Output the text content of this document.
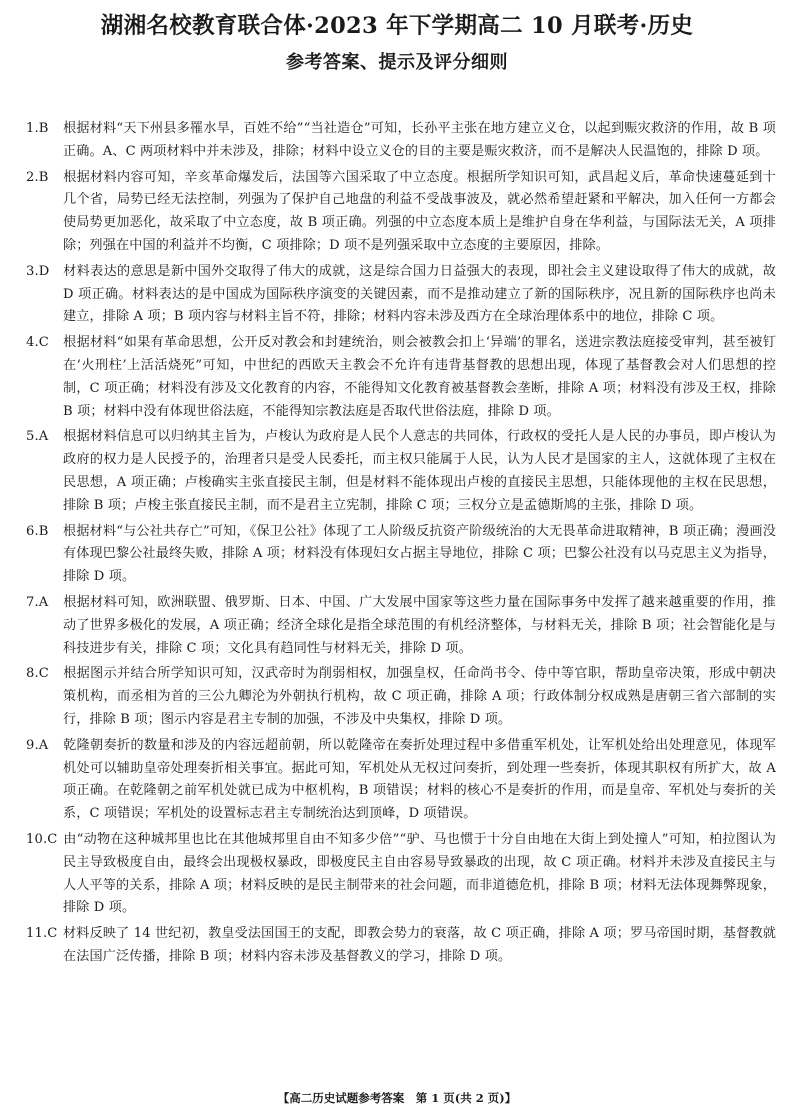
湖湘名校教育联合体·2023 年下学期高二 10 月联考·历史
参考答案、提示及评分细则
1.B 根据材料“天下州县多罹水旱，百姓不给”“当社造仓”可知，长孙平主张在地方建立义仓，以起到赈灾救济的作用，故 B 项正确。A、C 两项材料中并未涉及，排除；材料中设立义仓的目的主要是赈灾救济，而不是解决人民温饱的，排除 D 项。
2.B 根据材料内容可知，辛亥革命爆发后，法国等六国采取了中立态度。根据所学知识可知，武昌起义后，革命快速蔓延到十几个省，局势已经无法控制，列强为了保护自己地盘的利益不受战事波及，就必然希望赶紧和平解决，加入任何一方都会使局势更加恶化，故采取了中立态度，故 B 项正确。列强的中立态度本质上是维护自身在华利益，与国际法无关，A 项排除；列强在中国的利益并不均衡，C 项排除；D 项不是列强采取中立态度的主要原因，排除。
3.D 材料表达的意思是新中国外交取得了伟大的成就，这是综合国力日益强大的表现，即社会主义建设取得了伟大的成就，故 D 项正确。材料表达的是中国成为国际秩序演变的关键因素，而不是推动建立了新的国际秩序，况且新的国际秩序也尚未建立，排除 A 项；B 项内容与材料主旨不符，排除；材料内容未涉及西方在全球治理体系中的地位，排除 C 项。
4.C 根据材料“如果有革命思想，公开反对教会和封建统治，则会被教会扣上‘异端’的罪名，送进宗教法庭接受审判，甚至被钉在‘火刑柱’上活活烧死”可知，中世纪的西欧天主教会不允许有违背基督教的思想出现，体现了基督教会对人们思想的控制，C 项正确；材料没有涉及文化教育的内容，不能得知文化教育被基督教会垄断，排除 A 项；材料没有涉及王权，排除 B 项；材料中没有体现世俗法庭，不能得知宗教法庭是否取代世俗法庭，排除 D 项。
5.A 根据材料信息可以归纳其主旨为，卢梭认为政府是人民个人意志的共同体，行政权的受托人是人民的办事员，即卢梭认为政府的权力是人民授予的，治理者只是受人民委托，而主权只能属于人民，认为人民才是国家的主人，这就体现了主权在民思想，A 项正确；卢梭确实主张直接民主制，但是材料不能体现出卢梭的直接民主思想，只能体现他的主权在民思想，排除 B 项；卢梭主张直接民主制，而不是君主立宪制，排除 C 项；三权分立是孟德斯鸠的主张，排除 D 项。
6.B 根据材料“与公社共存亡”可知，《保卫公社》体现了工人阶级反抗资产阶级统治的大无畏革命进取精神，B 项正确；漫画没有体现巴黎公社最终失败，排除 A 项；材料没有体现妇女占据主导地位，排除 C 项；巴黎公社没有以马克思主义为指导，排除 D 项。
7.A 根据材料可知，欧洲联盟、俄罗斯、日本、中国、广大发展中国家等这些力量在国际事务中发挥了越来越重要的作用，推动了世界多极化的发展，A 项正确；经济全球化是指全球范围的有机经济整体，与材料无关，排除 B 项；社会智能化是与科技进步有关，排除 C 项；文化具有趋同性与材料无关，排除 D 项。
8.C 根据图示并结合所学知识可知，汉武帝时为削弱相权，加强皇权，任命尚书令、侍中等官职，帮助皇帝决策，形成中朝决策机构，而丞相为首的三公九卿沦为外朝执行机构，故 C 项正确，排除 A 项；行政体制分权成熟是唐朝三省六部制的实行，排除 B 项；图示内容是君主专制的加强，不涉及中央集权，排除 D 项。
9.A 乾隆朝奏折的数量和涉及的内容远超前朝，所以乾隆帝在奏折处理过程中多借重军机处，让军机处给出处理意见，体现军机处可以辅助皇帝处理奏折相关事宜。据此可知，军机处从无权过问奏折，到处理一些奏折，体现其职权有所扩大，故 A 项正确。在乾隆朝之前军机处就已成为中枢机构，B 项错误；材料的核心不是奏折的作用，而是皇帝、军机处与奏折的关系，C 项错误；军机处的设置标志君主专制统治达到顶峰，D 项错误。
10.C 由“动物在这种城邦里也比在其他城邦里自由不知多少倍”“驴、马也惯于十分自由地在大街上到处撞人”可知，柏拉图认为民主导致极度自由，最终会出现极权暴政，即极度民主自由容易导致暴政的出现，故 C 项正确。材料并未涉及直接民主与人人平等的关系，排除 A 项；材料反映的是民主制带来的社会问题，而非道德危机，排除 B 项；材料无法体现舞弊现象，排除 D 项。
11.C 材料反映了 14 世纪初，教皇受法国国王的支配，即教会势力的衰落，故 C 项正确，排除 A 项；罗马帝国时期，基督教就在法国广泛传播，排除 B 项；材料内容未涉及基督教义的学习，排除 D 项。
【高二历史试题参考答案　第 1 页(共 2 页)】
